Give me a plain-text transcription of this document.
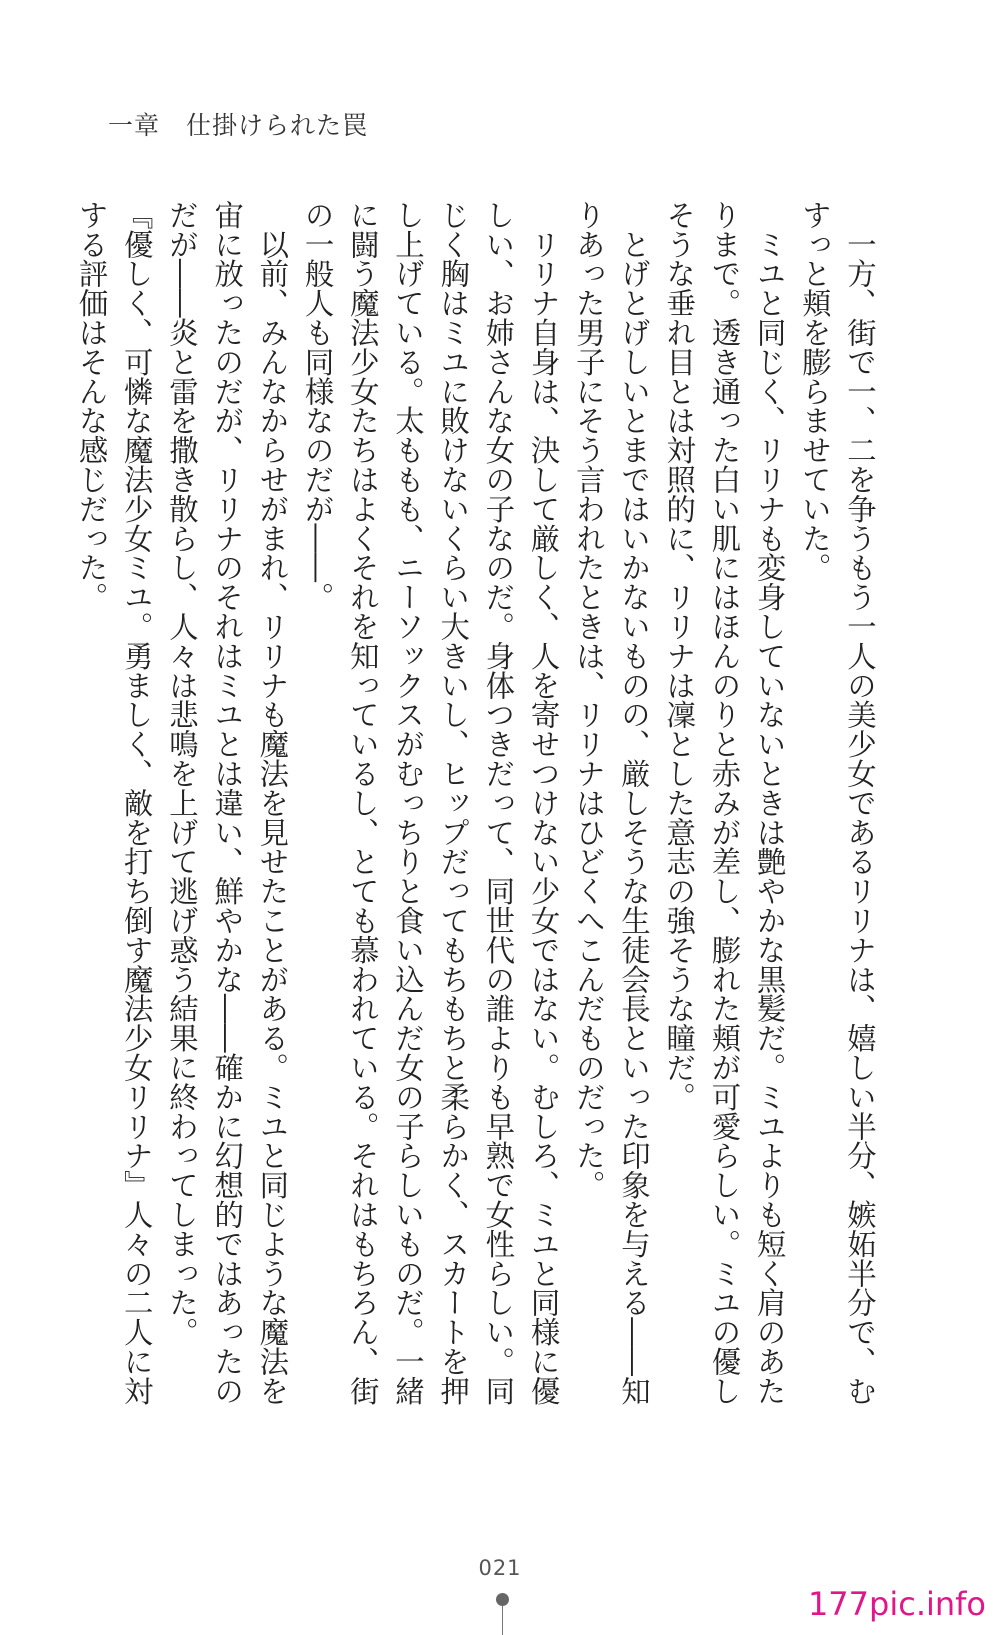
一章　仕掛けられた罠

　一方、街で一、二を争うもう一人の美少女であるリリナは、嬉しい半分、嫉妬半分で、むすっと頬を膨らませていた。

　ミユと同じく、リリナも変身していないときは艶やかな黒髪だ。ミユよりも短く肩のあたりまで。透き通った白い肌にはほんのりと赤みが差し、膨れた頬が可愛らしい。ミユの優しそうな垂れ目とは対照的に、リリナは凜とした意志の強そうな瞳だ。

　とげとげしいとまではいかないものの、厳しそうな生徒会長といった印象を与える――知りあった男子にそう言われたときは、リリナはひどくへこんだものだった。

　リリナ自身は、決して厳しく、人を寄せつけない少女ではない。むしろ、ミユと同様に優しい、お姉さんな女の子なのだ。身体つきだって、同世代の誰よりも早熟で女性らしい。同じく胸はミユに敗けないくらい大きいし、ヒップだってもちもちと柔らかく、スカートを押し上げている。太ももも、ニーソックスがむっちりと食い込んだ女の子らしいものだ。一緒に闘う魔法少女たちはよくそれを知っているし、とても慕われている。それはもちろん、街の一般人も同様なのだが――。

　以前、みんなからせがまれ、リリナも魔法を見せたことがある。ミユと同じような魔法を宙に放ったのだが、リリナのそれはミユとは違い、鮮やかな――確かに幻想的ではあったのだが――炎と雷を撒き散らし、人々は悲鳴を上げて逃げ惑う結果に終わってしまった。

『優しく、可憐な魔法少女ミユ。勇ましく、敵を打ち倒す魔法少女リリナ』人々の二人に対する評価はそんな感じだった。

021
177pic.info
